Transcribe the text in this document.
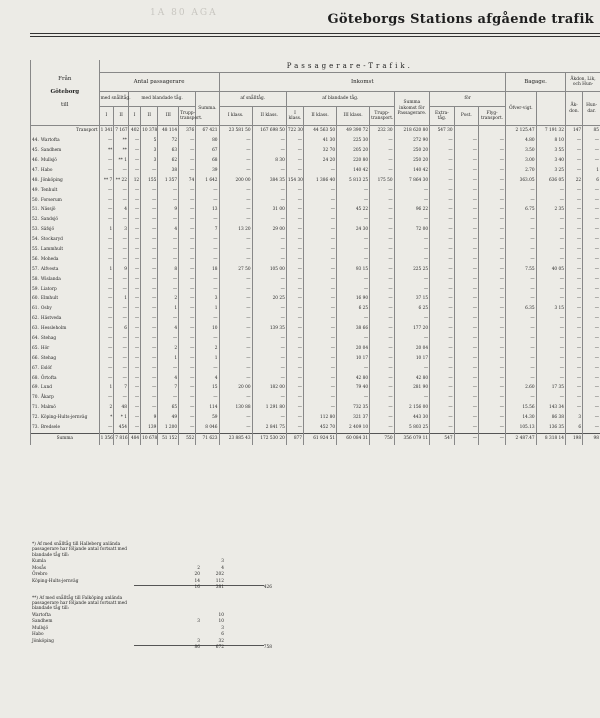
1A 80 AGA	Göteborgs Stations afgående trafik
Från
Göteborg
till	Passagerare-Trafik.																				
	Antal passagerare							Inkomst										Bagage.		Åkdon, Lik, och Hun-	
	med snålltåg.		med blandade tåg.				Summa.	af snålltåg.		af blandade tåg.				Summa inkomst för Passagerare.	för			Öfver-vigt.		Åk-don.	Hun-dar.
	I	II	I	II	III	Trupp-transport.		I klass.	II klass.	I klass.	II klass.	III klass.	Trupp-transport.		Extra-tåg.	Post.	Flyg-transport.				
Transport	1 341	7 167	402	10 378	48 114	376	67 421	23 581 50	167 698 50	722 30	44 563 50	49 390 72	232 30	218 620 80	547 30			2 125.47	7 191 32	147	85
44. Wartofta	—	**	—	5	72	—	80	—	—	—	41 30	225 30	—	272 90	—	—	—	4.80	8 10	—	—
45. Sandhem	**	**	—	3	63	—	67	—	—	—	32 70	205 20	—	250 20	—	—	—	3.50	3 55	—	—
46. Mullsjö	—	** 1	—	3	62	—	68	—	8 30	—	24 20	220 80	—	250 20	—	—	—	3.00	3 40	—	—
47. Habo	—	—	—	—	38	—	39	—	—	—	—	140 42	—	140 42	—	—	—	2.70	3 25	—	1
48. Jönköping	** 7	** 22	12	155	1 357	74	1 642	200 00	384 35	154 30	1 386 40	5 813 25	175 50	7 864 30	—	—	—	363.05	636 05	22	6
49. Tenhult	—	—	—	—	—	—	—	—	—	—	—	—	—	—	—	—	—	—	—	—	—
50. Forserum	—	—	—	—	—	—	—	—	—	—	—	—	—	—	—	—	—	—	—	—	—
51. Nässjö	—	4	—	—	9	—	13	—	31 00	—	—	45 22	—	96 22	—	—	—	6.75	2 35	—	—
52. Sandsjö	—	—	—	—	—	—	—	—	—	—	—	—	—	—	—	—	—	—	—	—	—
53. Säfsjö	1	3	—	—	4	—	7	13 20	29 00	—	—	24 30	—	72 00	—	—	—	—	—	—	—
54. Stockaryd	—	—	—	—	—	—	—	—	—	—	—	—	—	—	—	—	—	—	—	—	—
55. Lammhult	—	—	—	—	—	—	—	—	—	—	—	—	—	—	—	—	—	—	—	—	—
56. Moheda	—	—	—	—	—	—	—	—	—	—	—	—	—	—	—	—	—	—	—	—	—
57. Alfvesta	1	9	—	—	8	—	18	27 50	105 00	—	—	93 15	—	225 25	—	—	—	7.55	40 05	—	—
58. Wislanda	—	—	—	—	—	—	—	—	—	—	—	—	—	—	—	—	—	—	—	—	—
59. Liatorp	—	—	—	—	—	—	—	—	—	—	—	—	—	—	—	—	—	—	—	—	—
60. Elmhult	—	1	—	—	2	—	3	—	20 25	—	—	16 90	—	37 15	—	—	—	—	—	—	—
61. Osby	—	—	—	—	1	—	1	—	—	—	—	6 25	—	6 25	—	—	—	6.35	3 15	—	—
62. Hästveda	—	—	—	—	—	—	—	—	—	—	—	—	—	—	—	—	—	—	—	—	—
63. Hessleholm	—	6	—	—	4	—	10	—	139 35	—	—	38 66	—	177 20	—	—	—	—	—	—	—
64. Stehag	—	—	—	—	—	—	—	—	—	—	—	—	—	—	—	—	—	—	—	—	—
65. Hör	—	—	—	—	2	—	2	—	—	—	—	20 04	—	20 04	—	—	—	—	—	—	—
66. Stehag	—	—	—	—	1	—	1	—	—	—	—	10 17	—	10 17	—	—	—	—	—	—	—
67. Eslöf	—	—	—	—	—	—	—	—	—	—	—	—	—	—	—	—	—	—	—	—	—
68. Örtofta	—	—	—	—	4	—	4	—	—	—	—	42 80	—	42 80	—	—	—	—	—	—	—
69. Lund	1	7	—	—	7	—	15	20 00	182 00	—	—	79 40	—	281 90	—	—	—	2.60	17 35	—	—
70. Åkarp	—	—	—	—	—	—	—	—	—	—	—	—	—	—	—	—	—	—	—	—	—
71. Malmö	2	48	—	—	65	—	114	130 88	1 291 80	—	—	732 35	—	2 156 00	—	—	—	15.56	143 34	—	—
72. Köping-Hults-jernväg	*	* 1	—	9	49	—	59	—	—	—	112 80	321 37	—	443 30	—	—	—	14.30	86 38	3	—
73. Bredsele	—	454	—	139	1 200	—	8 046	—	2 841 75	—	452 70	2 409 10	—	5 803 25	—	—	—	105.13	136 35	6	—
Summa	1 356	7 816	484	10 678	51 152	552	71 623	23 885 43	172 530 20	877	61 924 51	60 084 31	750	356 079 11	547	—	—	2 487.47	8 318 14	198	98
*) Af med snålltåg till Halleberg anlända passagerare har följande antal fortsatt med blandade tåg till:
Kumla	3
Mosås	2	4
Örebro	20	202
Köping-Hults-jernväg	14	112
16	381	426
**) Af med snålltåg till Falköping anlända passagerare har följande antal fortsatt med blandade tåg till:
Wartofta	10
Sandhem	3	10
Mullsjö	3
Habo	6
Jönköping	3	32
86	672	758
